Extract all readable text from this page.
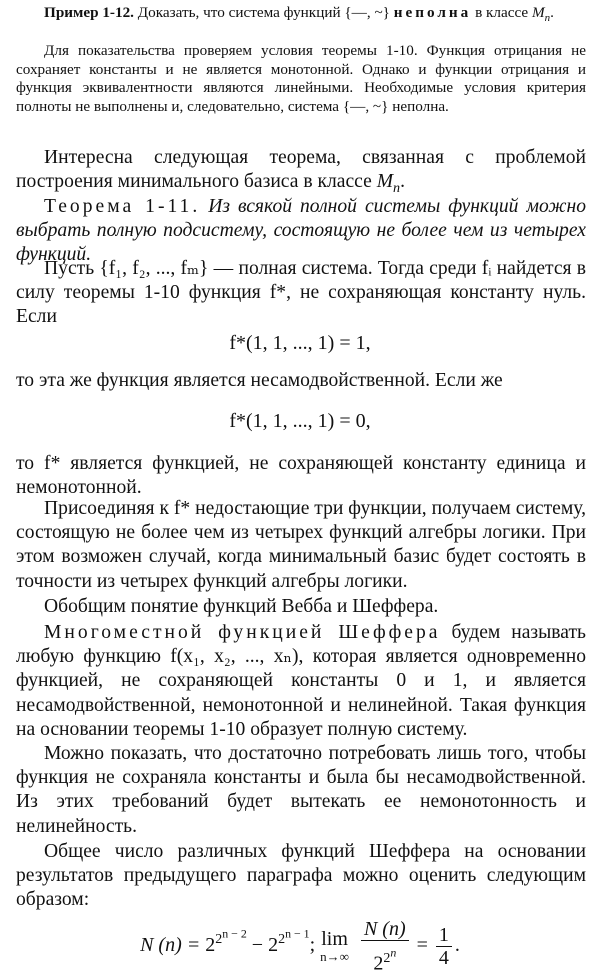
Пример 1-12. Доказать, что система функций {—, ~} неполна в классе $M_n$.

Для показательства проверяем условия теоремы 1-10. Функция отрицания не сохраняет константы и не является монотонной. Однако и функции отрицания и функция эквивалентности являются линейными. Необходимые условия критерия полноты не выполнены и, следовательно, система {—, ~} неполна.

Интересна следующая теорема, связанная с проблемой построения минимального базиса в классе $M_n$.

Теорема 1-11. Из всякой полной системы функций можно выбрать полную подсистему, состоящую не более чем из четырех функций.

Пусть {f₁, f₂, ..., fₘ} — полная система. Тогда среди fᵢ найдется в силу теоремы 1-10 функция f*, не сохраняющая константу нуль. Если

f*(1, 1, ..., 1) = 1,

то эта же функция является несамодвойственной. Если же

f*(1, 1, ..., 1) = 0,

то f* является функцией, не сохраняющей константу единица и немонотонной.

Присоединяя к f* недостающие три функции, получаем систему, состоящую не более чем из четырех функций алгебры логики. При этом возможен случай, когда минимальный базис будет состоять в точности из четырех функций алгебры логики.

Обобщим понятие функций Вебба и Шеффера.

Многоместной функцией Шеффера будем называть любую функцию f(x₁, x₂, ..., xₙ), которая является одновременно функцией, не сохраняющей константы 0 и 1, и является несамодвойственной, немонотонной и нелинейной. Такая функция на основании теоремы 1-10 образует полную систему.

Можно показать, что достаточно потребовать лишь того, чтобы функция не сохраняла константы и была бы несамодвойственной. Из этих требований будет вытекать ее немонотонность и нелинейность.

Общее число различных функций Шеффера на основании результатов предыдущего параграфа можно оценить следующим образом:

N $(n) = 2^{2^{n - 2}} - 2^{2^{n - 1}}$; lim
n→∞
$\frac{N (n)}{2^{2^n}} = \frac{1}{4}$ .
